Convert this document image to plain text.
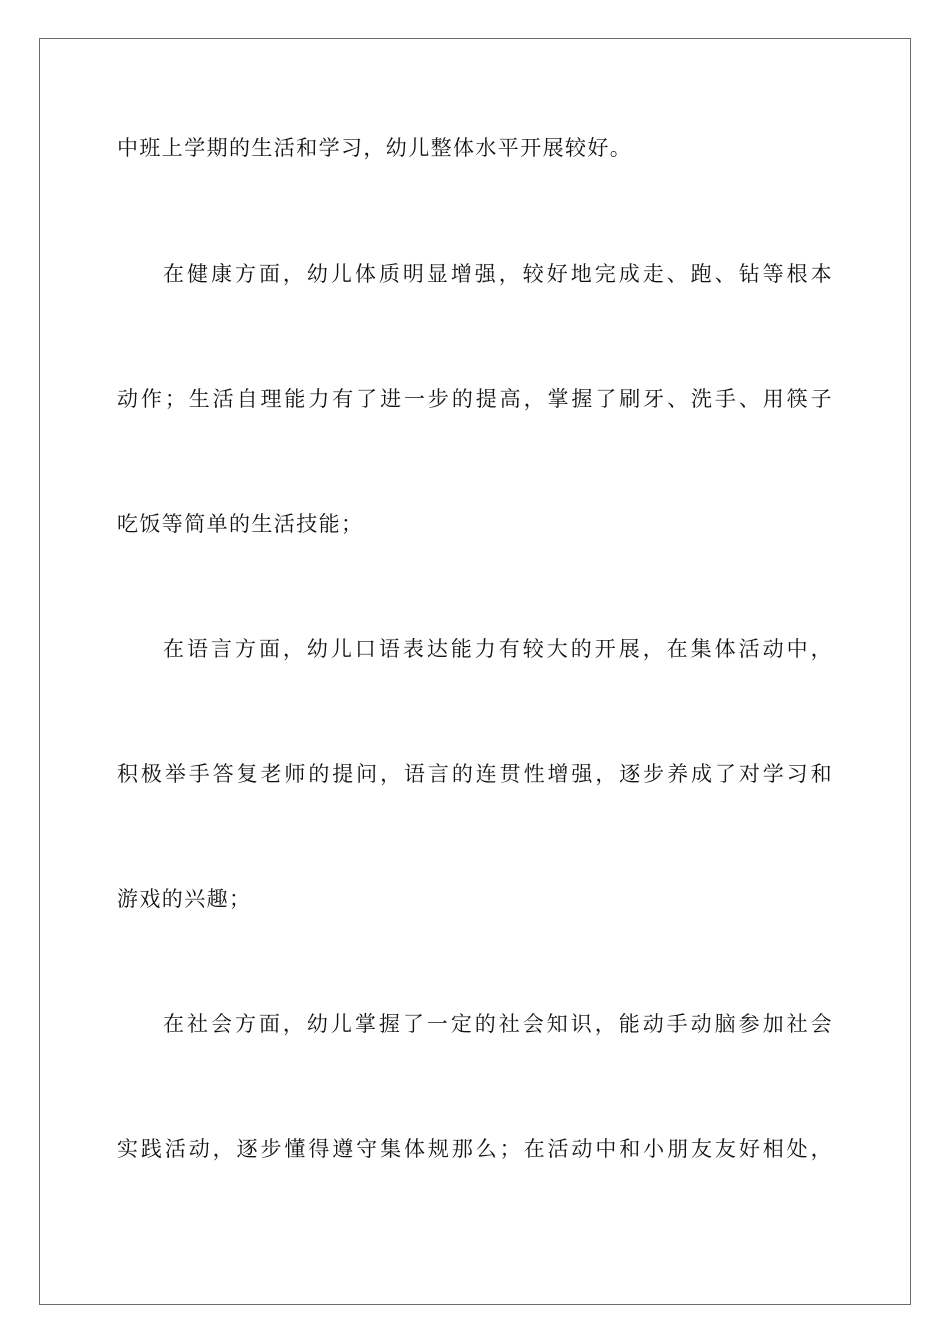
中班上学期的生活和学习，幼儿整体水平开展较好。
在健康方面，幼儿体质明显增强，较好地完成走、跑、钻等根本
动作；生活自理能力有了进一步的提高，掌握了刷牙、洗手、用筷子
吃饭等简单的生活技能；
在语言方面，幼儿口语表达能力有较大的开展，在集体活动中，
积极举手答复老师的提问，语言的连贯性增强，逐步养成了对学习和
游戏的兴趣；
在社会方面，幼儿掌握了一定的社会知识，能动手动脑参加社会
实践活动，逐步懂得遵守集体规那么；在活动中和小朋友友好相处，
